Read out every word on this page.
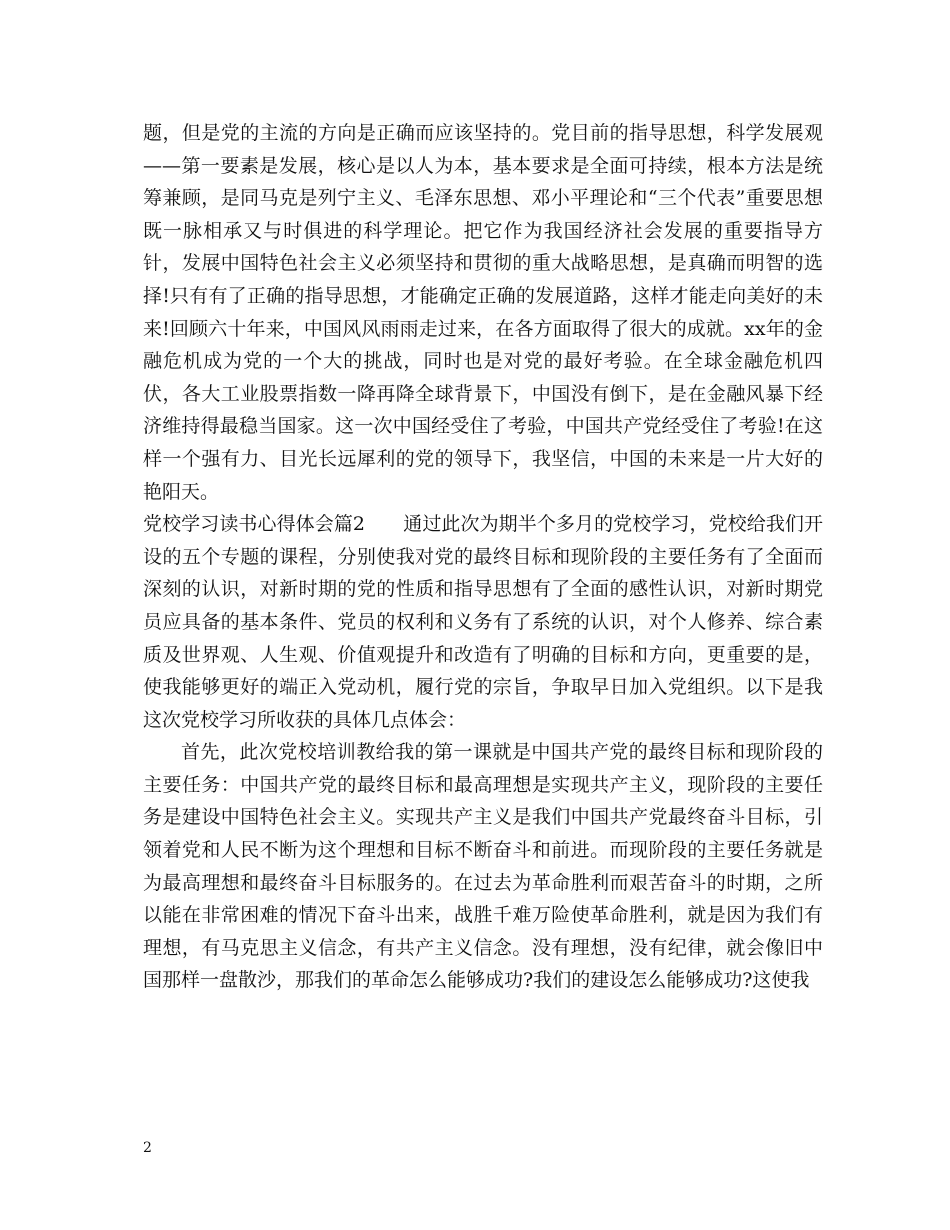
题，但是党的主流的方向是正确而应该坚持的。党目前的指导思想，科学发展观——第一要素是发展，核心是以人为本，基本要求是全面可持续，根本方法是统筹兼顾，是同马克是列宁主义、毛泽东思想、邓小平理论和“三个代表”重要思想既一脉相承又与时俱进的科学理论。把它作为我国经济社会发展的重要指导方针，发展中国特色社会主义必须坚持和贯彻的重大战略思想，是真确而明智的选择!只有有了正确的指导思想，才能确定正确的发展道路，这样才能走向美好的未来!回顾六十年来，中国风风雨雨走过来，在各方面取得了很大的成就。xx年的金融危机成为党的一个大的挑战，同时也是对党的最好考验。在全球金融危机四伏，各大工业股票指数一降再降全球背景下，中国没有倒下，是在金融风暴下经济维持得最稳当国家。这一次中国经受住了考验，中国共产党经受住了考验!在这样一个强有力、目光长远犀利的党的领导下，我坚信，中国的未来是一片大好的艳阳天。

党校学习读书心得体会篇2　　通过此次为期半个多月的党校学习，党校给我们开设的五个专题的课程，分别使我对党的最终目标和现阶段的主要任务有了全面而深刻的认识，对新时期的党的性质和指导思想有了全面的感性认识，对新时期党员应具备的基本条件、党员的权利和义务有了系统的认识，对个人修养、综合素质及世界观、人生观、价值观提升和改造有了明确的目标和方向，更重要的是，使我能够更好的端正入党动机，履行党的宗旨，争取早日加入党组织。以下是我这次党校学习所收获的具体几点体会：

首先，此次党校培训教给我的第一课就是中国共产党的最终目标和现阶段的主要任务：中国共产党的最终目标和最高理想是实现共产主义，现阶段的主要任务是建设中国特色社会主义。实现共产主义是我们中国共产党最终奋斗目标，引领着党和人民不断为这个理想和目标不断奋斗和前进。而现阶段的主要任务就是为最高理想和最终奋斗目标服务的。在过去为革命胜利而艰苦奋斗的时期，之所以能在非常困难的情况下奋斗出来，战胜千难万险使革命胜利，就是因为我们有理想，有马克思主义信念，有共产主义信念。没有理想，没有纪律，就会像旧中国那样一盘散沙，那我们的革命怎么能够成功?我们的建设怎么能够成功?这使我

2
